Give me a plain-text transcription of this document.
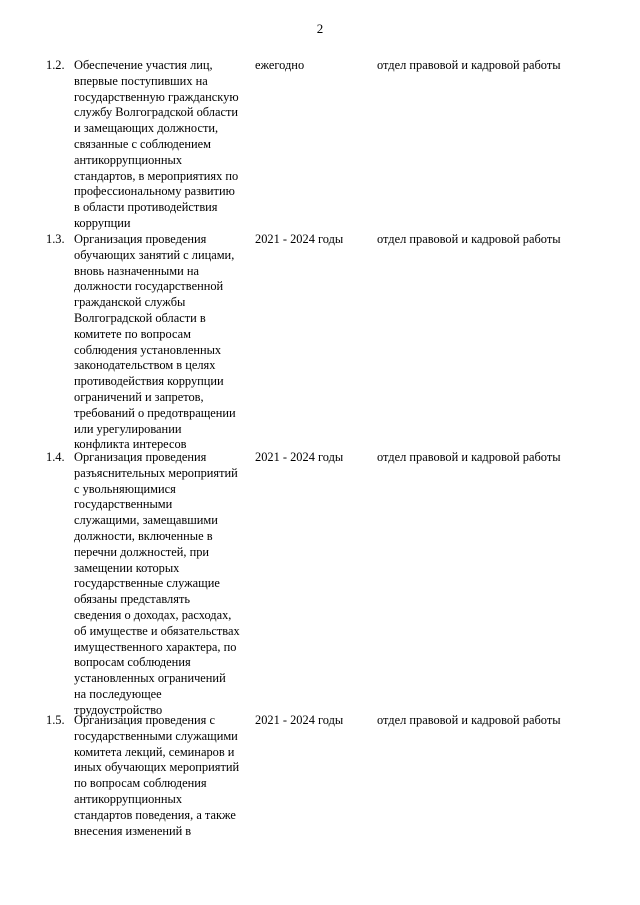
2
1.2. Обеспечение участия лиц,
впервые поступивших на
государственную гражданскую
службу Волгоградской области
и замещающих должности,
связанные с соблюдением
антикоррупционных
стандартов, в мероприятиях по
профессиональному развитию
в области противодействия
коррупции
ежегодно	отдел правовой и кадровой работы
1.3. Организация проведения
обучающих занятий с лицами,
вновь назначенными на
должности государственной
гражданской службы
Волгоградской области в
комитете по вопросам
соблюдения установленных
законодательством в целях
противодействия коррупции
ограничений и запретов,
требований о предотвращении
или урегулировании
конфликта интересов
2021 - 2024 годы	отдел правовой и кадровой работы
1.4. Организация проведения
разъяснительных мероприятий
с увольняющимися
государственными
служащими, замещавшими
должности, включенные в
перечни должностей, при
замещении которых
государственные служащие
обязаны представлять
сведения о доходах, расходах,
об имуществе и обязательствах
имущественного характера, по
вопросам соблюдения
установленных ограничений
на последующее
трудоустройство
2021 - 2024 годы	отдел правовой и кадровой работы
1.5. Организация проведения с
государственными служащими
комитета лекций, семинаров и
иных обучающих мероприятий
по вопросам соблюдения
антикоррупционных
стандартов поведения, а также
внесения изменений в
2021 - 2024 годы	отдел правовой и кадровой работы
